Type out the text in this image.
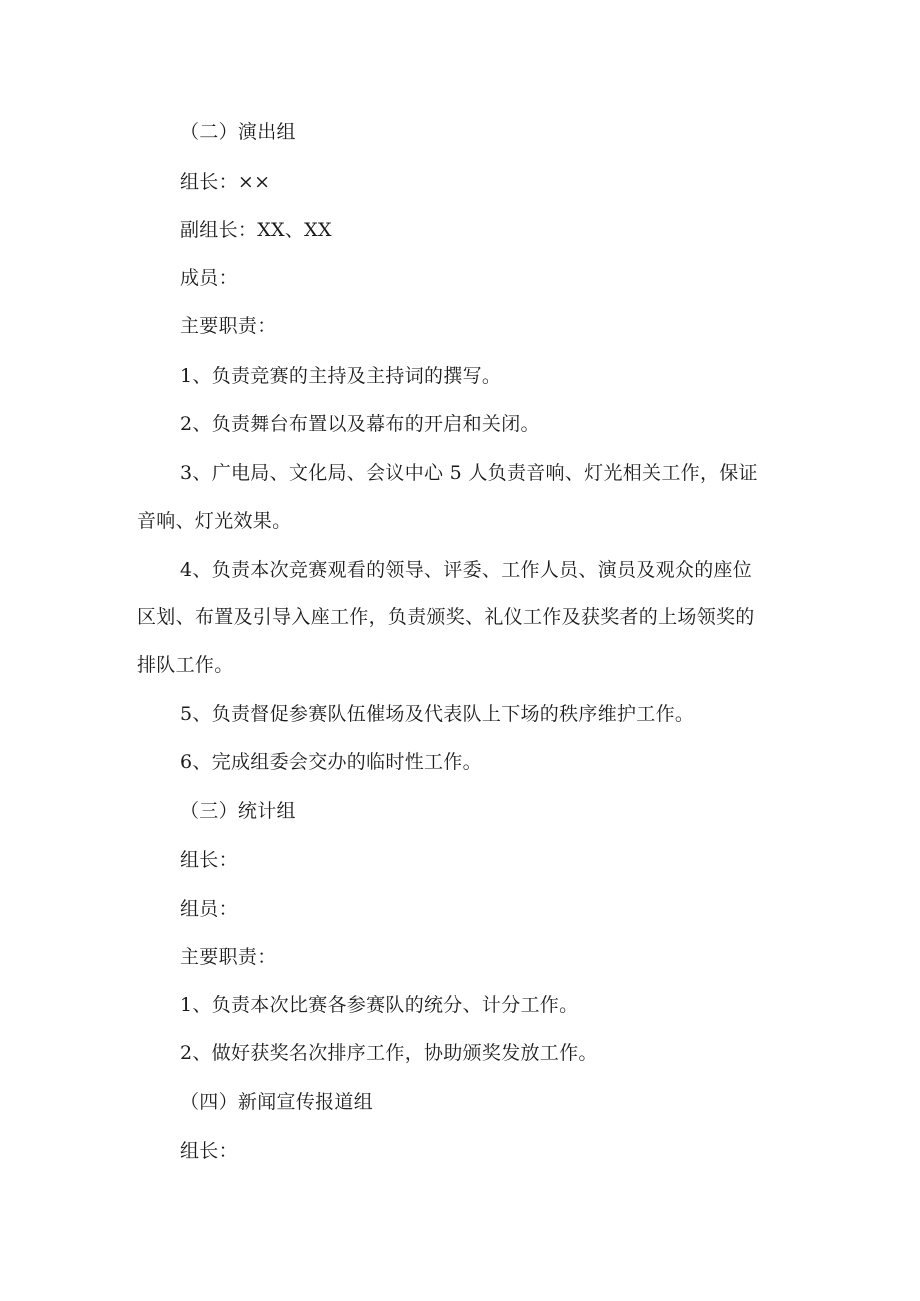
（二）演出组
组长：××
副组长：XX、XX
成员：
主要职责：
1、负责竞赛的主持及主持词的撰写。
2、负责舞台布置以及幕布的开启和关闭。
3、广电局、文化局、会议中心 5 人负责音响、灯光相关工作，保证
音响、灯光效果。
4、负责本次竞赛观看的领导、评委、工作人员、演员及观众的座位
区划、布置及引导入座工作，负责颁奖、礼仪工作及获奖者的上场领奖的
排队工作。
5、负责督促参赛队伍催场及代表队上下场的秩序维护工作。
6、完成组委会交办的临时性工作。
（三）统计组
组长：
组员：
主要职责：
1、负责本次比赛各参赛队的统分、计分工作。
2、做好获奖名次排序工作，协助颁奖发放工作。
（四）新闻宣传报道组
组长：
